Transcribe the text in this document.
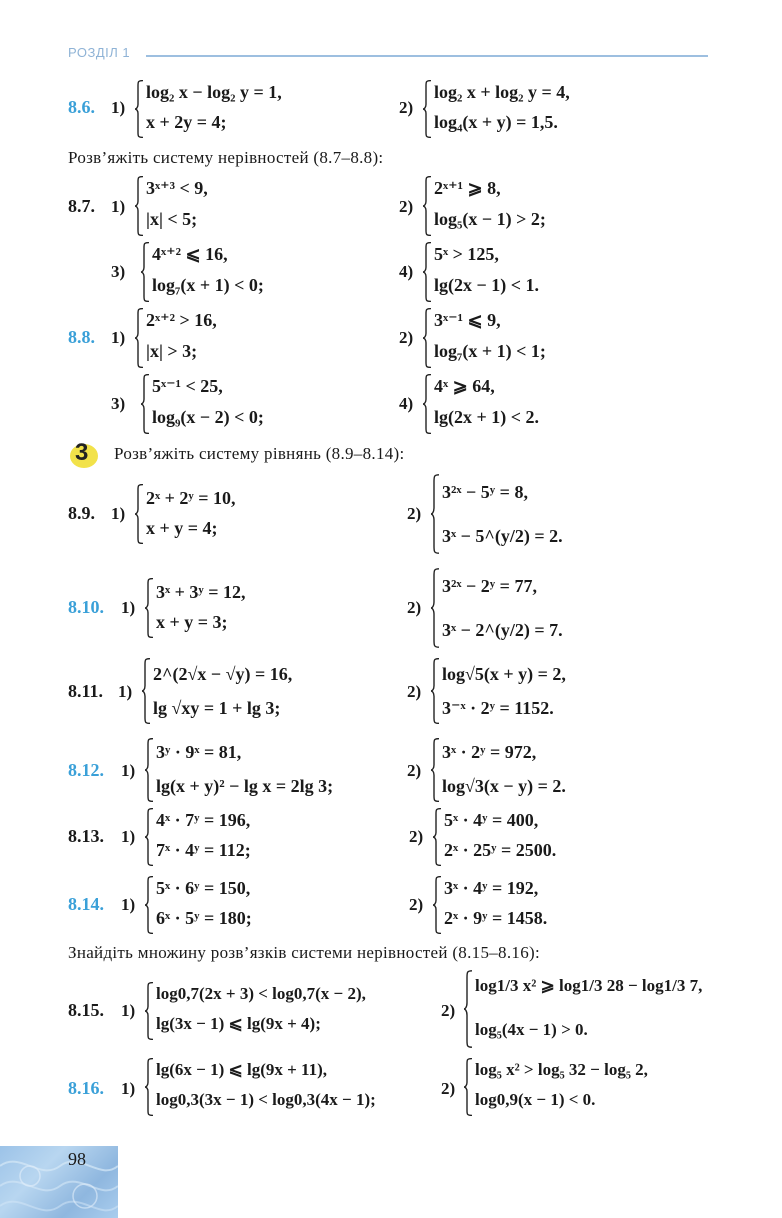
РОЗДІЛ 1
8.6. 1)
log₂ x − log₂ y = 1,
x + 2y = 4;
2)
log₂ x + log₂ y = 4,
log₄(x + y) = 1,5.
Розв’яжіть систему нерівностей (8.7–8.8):
8.7. 1)
3ˣ⁺³ < 9,
|x| < 5;
2)
2ˣ⁺¹ ⩾ 8,
log₅(x − 1) > 2;
3)
4ˣ⁺² ⩽ 16,
log₇(x + 1) < 0;
4)
5ˣ > 125,
lg(2x − 1) < 1.
8.8. 1)
2ˣ⁺² > 16,
|x| > 3;
2)
3ˣ⁻¹ ⩽ 9,
log₇(x + 1) < 1;
3)
5ˣ⁻¹ < 25,
log₉(x − 2) < 0;
4)
4ˣ ⩾ 64,
lg(2x + 1) < 2.
3 Розв’яжіть систему рівнянь (8.9–8.14):
8.9. 1)
2ˣ + 2ʸ = 10,
x + y = 4;
2)
3²ˣ − 5ʸ = 8,
3ˣ − 5^(y/2) = 2.
8.10. 1)
3ˣ + 3ʸ = 12,
x + y = 3;
2)
3²ˣ − 2ʸ = 77,
3ˣ − 2^(y/2) = 7.
8.11. 1)
2^(2√x − √y) = 16,
lg √xy = 1 + lg 3;
2)
log√5(x + y) = 2,
3⁻ˣ · 2ʸ = 1152.
8.12. 1)
3ʸ · 9ˣ = 81,
lg(x + y)² − lg x = 2lg 3;
2)
3ˣ · 2ʸ = 972,
log√3(x − y) = 2.
8.13. 1)
4ˣ · 7ʸ = 196,
7ˣ · 4ʸ = 112;
2)
5ˣ · 4ʸ = 400,
2ˣ · 25ʸ = 2500.
8.14. 1)
5ˣ · 6ʸ = 150,
6ˣ · 5ʸ = 180;
2)
3ˣ · 4ʸ = 192,
2ˣ · 9ʸ = 1458.
Знайдіть множину розв’язків системи нерівностей (8.15–8.16):
8.15. 1)
log0,7(2x + 3) < log0,7(x − 2),
lg(3x − 1) ⩽ lg(9x + 4);
2)
log1/3 x² ⩾ log1/3 28 − log1/3 7,
log₅(4x − 1) > 0.
8.16. 1)
lg(6x − 1) ⩽ lg(9x + 11),
log0,3(3x − 1) < log0,3(4x − 1);
2)
log₅ x² > log₅ 32 − log₅ 2,
log0,9(x − 1) < 0.
98
